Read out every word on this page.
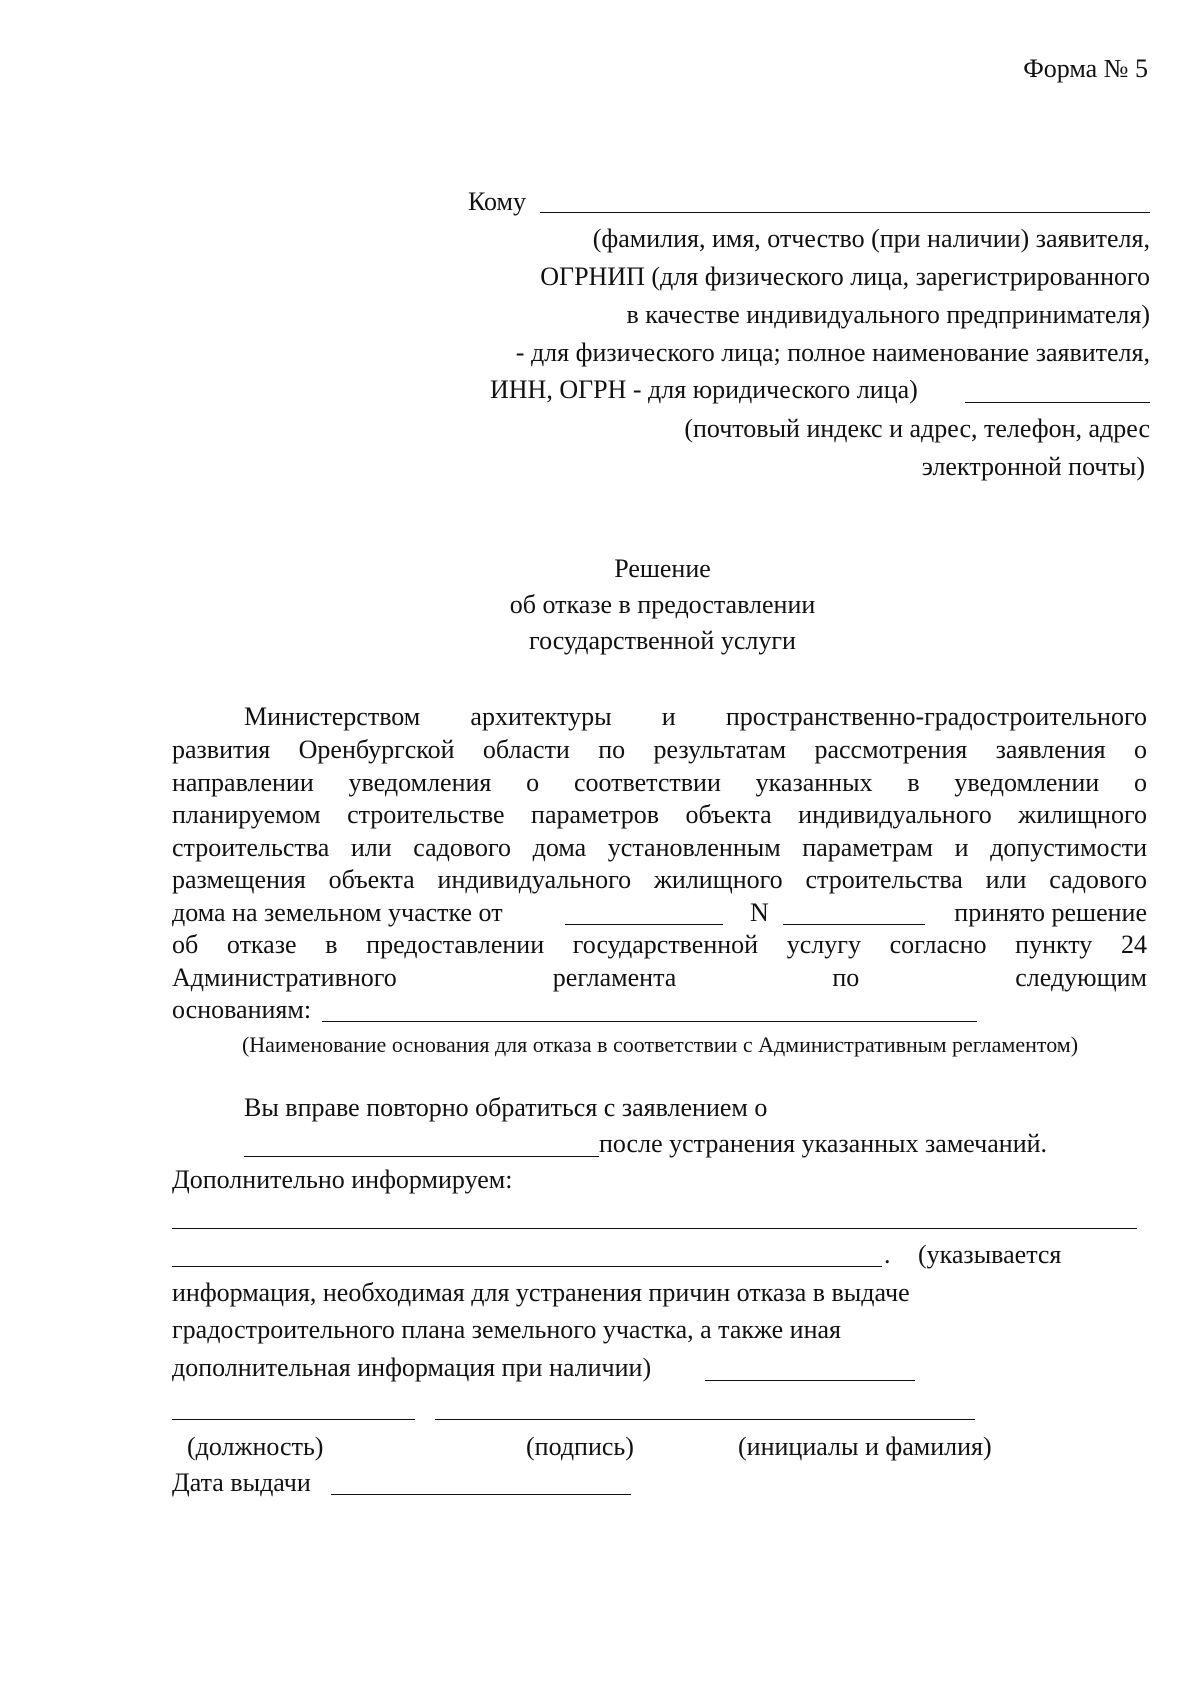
Форма № 5
Кому
(фамилия, имя, отчество (при наличии) заявителя,
ОГРНИП (для физического лица, зарегистрированного
в качестве индивидуального предпринимателя)
- для физического лица; полное наименование заявителя,
ИНН, ОГРН - для юридического лица)
(почтовый индекс и адрес, телефон, адрес
электронной почты)
Решение
об отказе в предоставлении
государственной услуги
Министерством архитектуры и пространственно-градостроительного
развития Оренбургской области по результатам рассмотрения заявления о
направлении уведомления о соответствии указанных в уведомлении о
планируемом строительстве параметров объекта индивидуального жилищного
строительства или садового дома установленным параметрам и допустимости
размещения объекта индивидуального жилищного строительства или садового
дома на земельном участке от	N	принято решение
об отказе в предоставлении государственной услугу согласно пункту 24
Административного	регламента	по	следующим
основаниям:
(Наименование основания для отказа в соответствии с Административным регламентом)
Вы вправе повторно обратиться с заявлением о
после устранения указанных замечаний.
Дополнительно информируем:
. (указывается
информация, необходимая для устранения причин отказа в выдаче
градостроительного плана земельного участка, а также иная
дополнительная информация при наличии)
(должность)	(подпись)	(инициалы и фамилия)
Дата выдачи
